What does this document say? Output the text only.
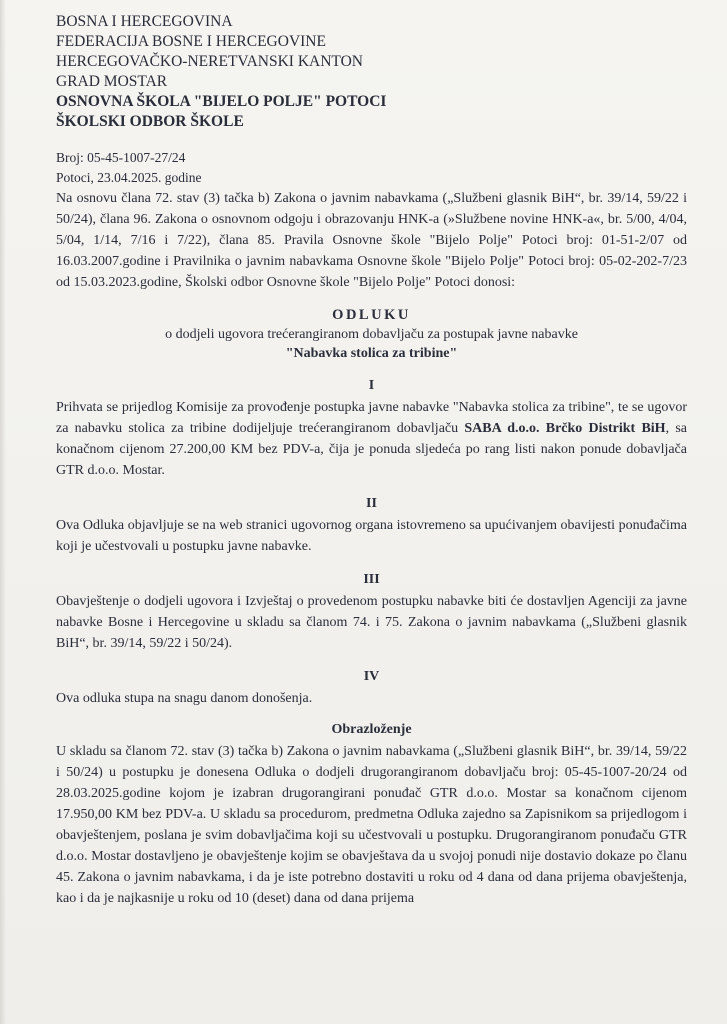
BOSNA I HERCEGOVINA

FEDERACIJA BOSNE I HERCEGOVINE

HERCEGOVAČKO-NERETVANSKI KANTON

GRAD MOSTAR

OSNOVNA ŠKOLA "BIJELO POLJE" POTOCI

ŠKOLSKI ODBOR ŠKOLE

Broj: 05-45-1007-27/24

Potoci, 23.04.2025. godine

Na osnovu člana 72. stav (3) tačka b) Zakona o javnim nabavkama („Službeni glasnik BiH“, br. 39/14, 59/22 i 50/24), člana 96. Zakona o osnovnom odgoju i obrazovanju HNK-a (»Službene novine HNK-a«, br. 5/00, 4/04, 5/04, 1/14, 7/16 i 7/22), člana 85. Pravila Osnovne škole "Bijelo Polje" Potoci broj: 01-51-2/07 od 16.03.2007.godine i Pravilnika o javnim nabavkama Osnovne škole "Bijelo Polje" Potoci broj: 05-02-202-7/23 od 15.03.2023.godine, Školski odbor Osnovne škole "Bijelo Polje" Potoci donosi:

ODLUKU
o dodjeli ugovora trećerangiranom dobavljaču za postupak javne nabavke
"Nabavka stolica za tribine"
I

Prihvata se prijedlog Komisije za provođenje postupka javne nabavke "Nabavka stolica za tribine", te se ugovor za nabavku stolica za tribine dodijeljuje trećerangiranom dobavljaču SABA d.o.o. Brčko Distrikt BiH, sa konačnom cijenom 27.200,00 KM bez PDV-a, čija je ponuda sljedeća po rang listi nakon ponude dobavljača GTR d.o.o. Mostar.

II

Ova Odluka objavljuje se na web stranici ugovornog organa istovremeno sa upućivanjem obavijesti ponuđačima koji je učestvovali u postupku javne nabavke.

III

Obavještenje o dodjeli ugovora i Izvještaj o provedenom postupku nabavke biti će dostavljen Agenciji za javne nabavke Bosne i Hercegovine u skladu sa članom 74. i 75. Zakona o javnim nabavkama („Službeni glasnik BiH“, br. 39/14, 59/22 i 50/24).

IV

Ova odluka stupa na snagu danom donošenja.

Obrazloženje

U skladu sa članom 72. stav (3) tačka b) Zakona o javnim nabavkama („Službeni glasnik BiH“, br. 39/14, 59/22 i 50/24) u postupku je donesena Odluka o dodjeli drugorangiranom dobavljaču broj: 05-45-1007-20/24 od 28.03.2025.godine kojom je izabran drugorangirani ponuđač GTR d.o.o. Mostar sa konačnom cijenom 17.950,00 KM bez PDV-a. U skladu sa procedurom, predmetna Odluka zajedno sa Zapisnikom sa prijedlogom i obavještenjem, poslana je svim dobavljačima koji su učestvovali u postupku. Drugorangiranom ponuđaču GTR d.o.o. Mostar dostavljeno je obavještenje kojim se obavještava da u svojoj ponudi nije dostavio dokaze po članu 45. Zakona o javnim nabavkama, i da je iste potrebno dostaviti u roku od 4 dana od dana prijema obavještenja, kao i da je najkasnije u roku od 10 (deset) dana od dana prijema
